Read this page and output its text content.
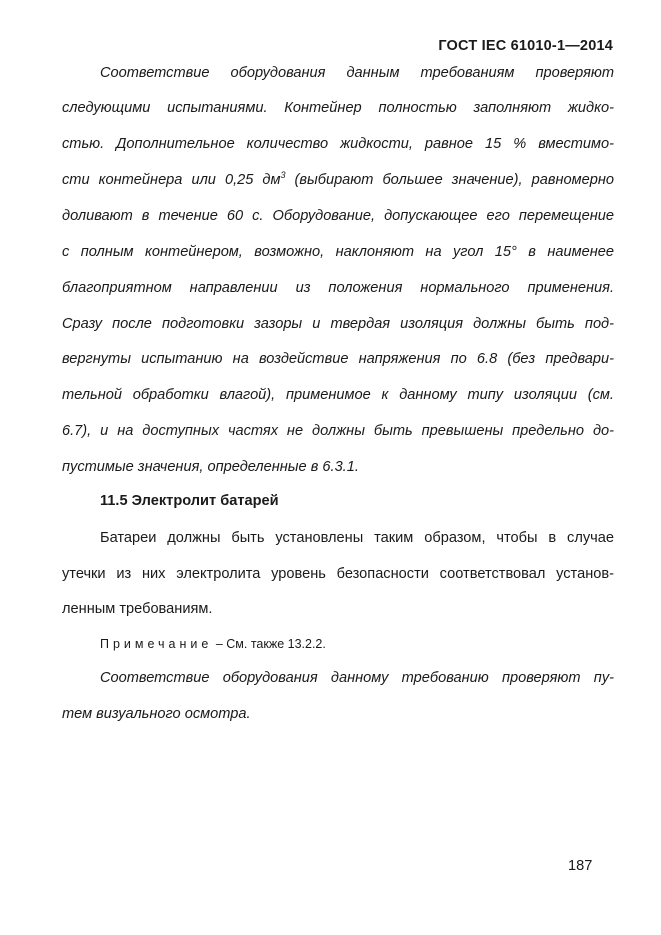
ГОСТ IEC 61010-1—2014
Соответствие оборудования данным требованиям проверяют
следующими испытаниями. Контейнер полностью заполняют жидко-
стью. Дополнительное количество жидкости, равное 15 % вместимо-
сти контейнера или 0,25 $дм^3$ (выбирают большее значение), равномерно
доливают в течение 60 с. Оборудование, допускающее его перемещение
с полным контейнером, возможно, наклоняют на угол 15° в наименее
благоприятном направлении из положения нормального применения.
Сразу после подготовки зазоры и твердая изоляция должны быть под-
вергнуты испытанию на воздействие напряжения по 6.8 (без предвари-
тельной обработки влагой), применимое к данному типу изоляции (см.
6.7), и на доступных частях не должны быть превышены предельно до-
пустимые значения, определенные в 6.3.1.
11.5 Электролит батарей
Батареи должны быть установлены таким образом, чтобы в случае
утечки из них электролита уровень безопасности соответствовал установ-
ленным требованиям.
Примечание – См. также 13.2.2.
Соответствие оборудования данному требованию проверяют пу-
тем визуального осмотра.
187
